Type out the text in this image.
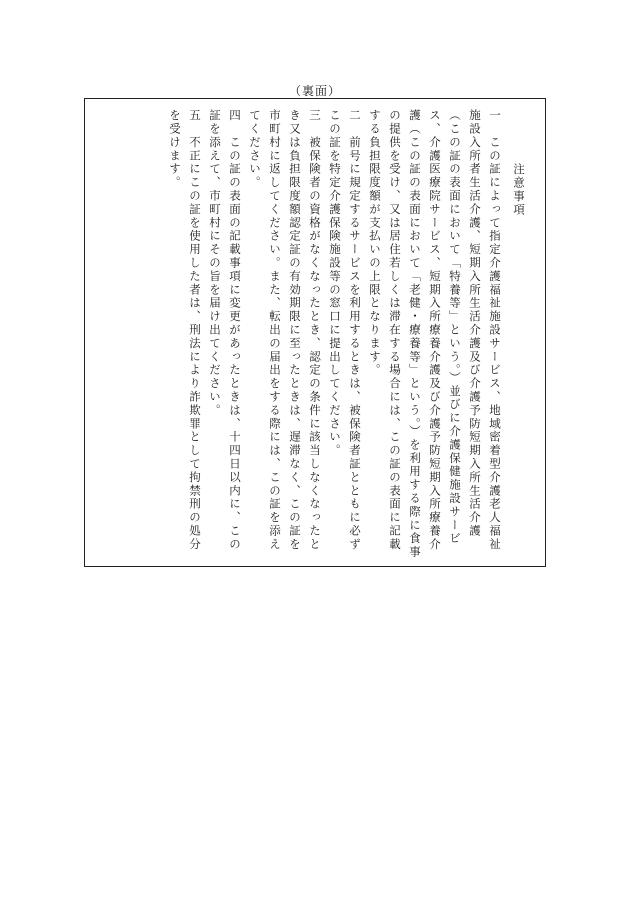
（裏面）
注意事項
一　この証によって指定介護福祉施設サービス、地域密着型介護老人福祉施設入所者生活介護、短期入所生活介護及び介護予防短期入所生活介護（この証の表面において「特養等」という。）並びに介護保健施設サービス、介護医療院サービス、短期入所療養介護及び介護予防短期入所療養介護（この証の表面において「老健・療養等」という。）を利用する際に食事の提供を受け、又は居住若しくは滞在する場合には、この証の表面に記載する負担限度額が支払いの上限となります。
二　前号に規定するサービスを利用するときは、被保険者証とともに必ずこの証を特定介護保険施設等の窓口に提出してください。
三　被保険者の資格がなくなったとき、認定の条件に該当しなくなったとき又は負担限度額認定証の有効期限に至ったときは、遅滞なく、この証を市町村に返してください。また、転出の届出をする際には、この証を添えてください。
四　この証の表面の記載事項に変更があったときは、十四日以内に、この証を添えて、市町村にその旨を届け出てください。
五　不正にこの証を使用した者は、刑法により詐欺罪として拘禁刑の処分を受けます。
